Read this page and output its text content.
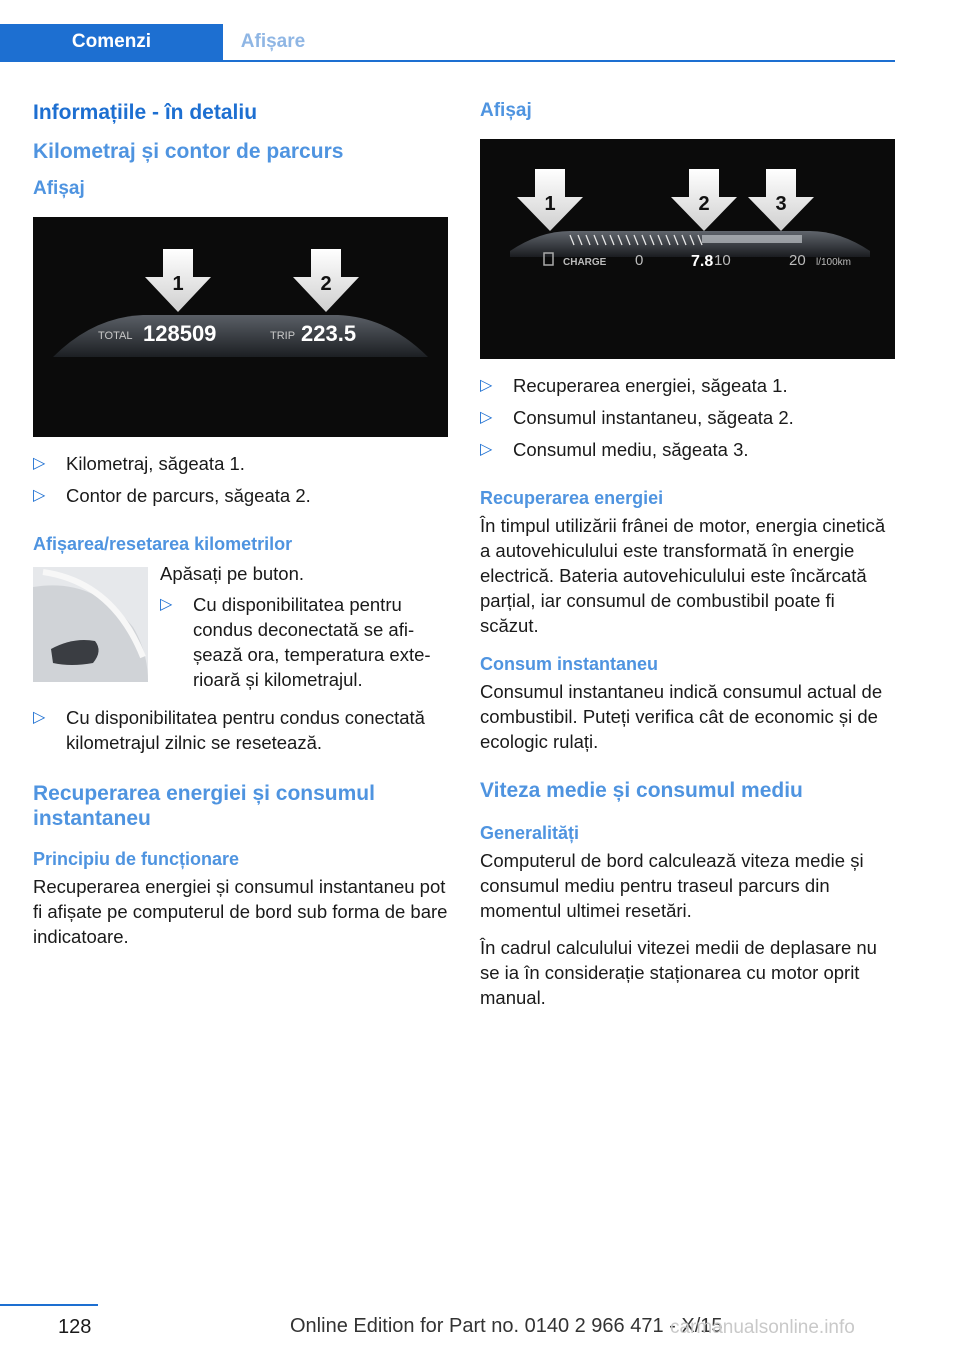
Comenzi	Afișare
Informațiile - în detaliu
Kilometraj și contor de parcurs
Afișaj
1	2
TOTAL 128509	TRIP 223.5
▷ Kilometraj, săgeata 1.
▷ Contor de parcurs, săgeata 2.
Afișarea/resetarea kilometrilor

Apăsați pe buton.

▷ Cu disponibilitatea pentru condus deconectată se afișează ora, temperatura exterioară și kilometrajul.
▷ Cu disponibilitatea pentru condus conectată kilometrajul zilnic se resetează.
Recuperarea energiei și consumul instantaneu
Principiu de funcționare

Recuperarea energiei și consumul instantaneu pot fi afișate pe computerul de bord sub forma de bare indicatoare.

Afișaj
1	2	3
CHARGE 0	7.8 10	20 l/100km
▷ Recuperarea energiei, săgeata 1.
▷ Consumul instantaneu, săgeata 2.
▷ Consumul mediu, săgeata 3.
Recuperarea energiei

În timpul utilizării frânei de motor, energia cinetică a autovehiculului este transformată în energie electrică. Bateria autovehiculului este încărcată parțial, iar consumul de combustibil poate fi scăzut.

Consum instantaneu

Consumul instantaneu indică consumul actual de combustibil. Puteți verifica cât de economic și de ecologic rulați.

Viteza medie și consumul mediu
Generalități

Computerul de bord calculează viteza medie și consumul mediu pentru traseul parcurs din momentul ultimei resetări.

În cadrul calculului vitezei medii de deplasare nu se ia în considerație staționarea cu motor oprit manual.

128	Online Edition for Part no. 0140 2 966 471 - X/15
carmanualsonline.info
